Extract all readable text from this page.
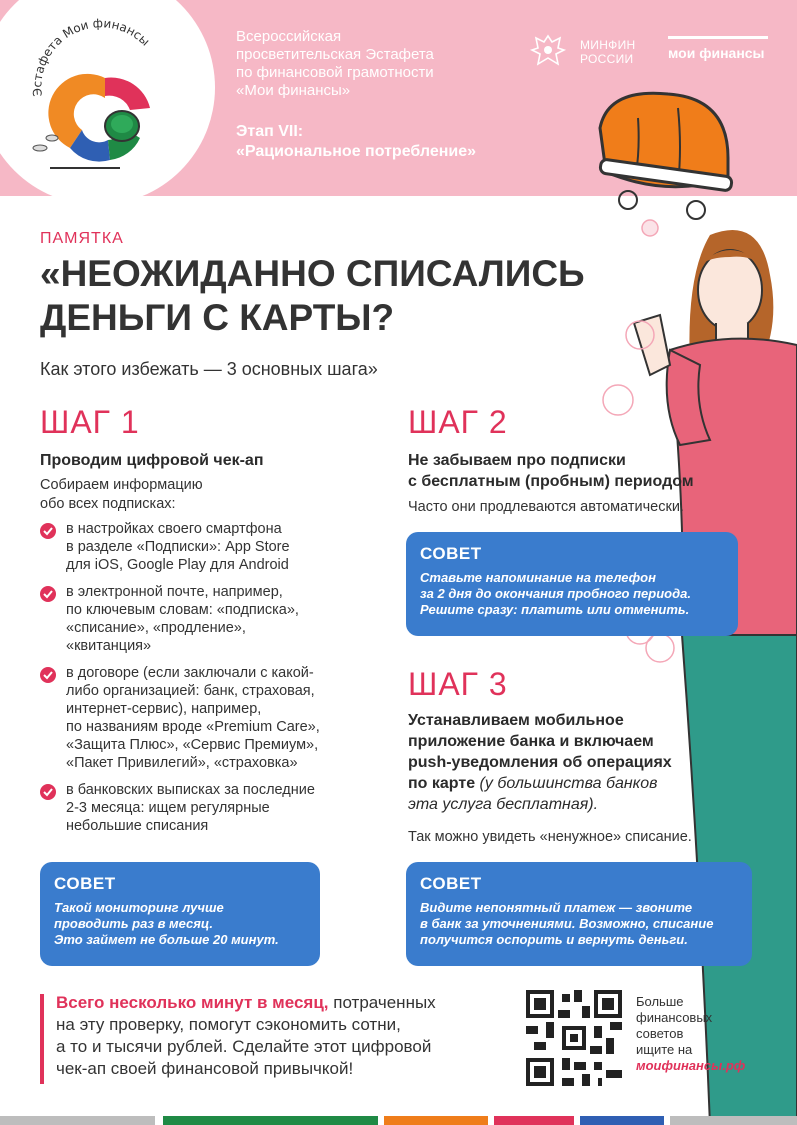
Эстафета Мои финансы	Всероссийская
просветительская Эстафета
по финансовой грамотности
«Мои финансы»
Этап VII:
«Рациональное потребление»
МИНФИН
РОССИИ мои финансы
ПАМЯТКА
«НЕОЖИДАННО СПИСАЛИСЬ
ДЕНЬГИ С КАРТЫ?
Как этого избежать — 3 основных шага»
ШАГ 1
Проводим цифровой чек-ап
Собираем информацию
обо всех подписках:
в настройках своего смартфона
в разделе «Подписки»: App Store
для iOS, Google Play для Android
в электронной почте, например,
по ключевым словам: «подписка»,
«списание», «продление»,
«квитанция»
в договоре (если заключали с какой-
либо организацией: банк, страховая,
интернет-сервис), например,
по названиям вроде «Premium Care»,
«Защита Плюс», «Сервис Премиум»,
«Пакет Привилегий», «страховка»
в банковских выписках за последние
2-3 месяца: ищем регулярные
небольшие списания
СОВЕТ
Такой мониторинг лучше
проводить раз в месяц.
Это займет не больше 20 минут.
ШАГ 2
Не забываем про подписки
с бесплатным (пробным) периодом
Часто они продлеваются автоматически.
СОВЕТ
Ставьте напоминание на телефон
за 2 дня до окончания пробного периода.
Решите сразу: платить или отменить.
ШАГ 3
Устанавливаем мобильное
приложение банка и включаем
push-уведомления об операциях
по карте (у большинства банков
эта услуга бесплатная).
Так можно увидеть «ненужное» списание.
СОВЕТ
Видите непонятный платеж — звоните
в банк за уточнениями. Возможно, списание
получится оспорить и вернуть деньги.
Всего несколько минут в месяц, потраченных
на эту проверку, помогут сэкономить сотни,
а то и тысячи рублей. Сделайте этот цифровой
чек-ап своей финансовой привычкой!
Больше
финансовых
советов
ищите на
моифинансы.рф
